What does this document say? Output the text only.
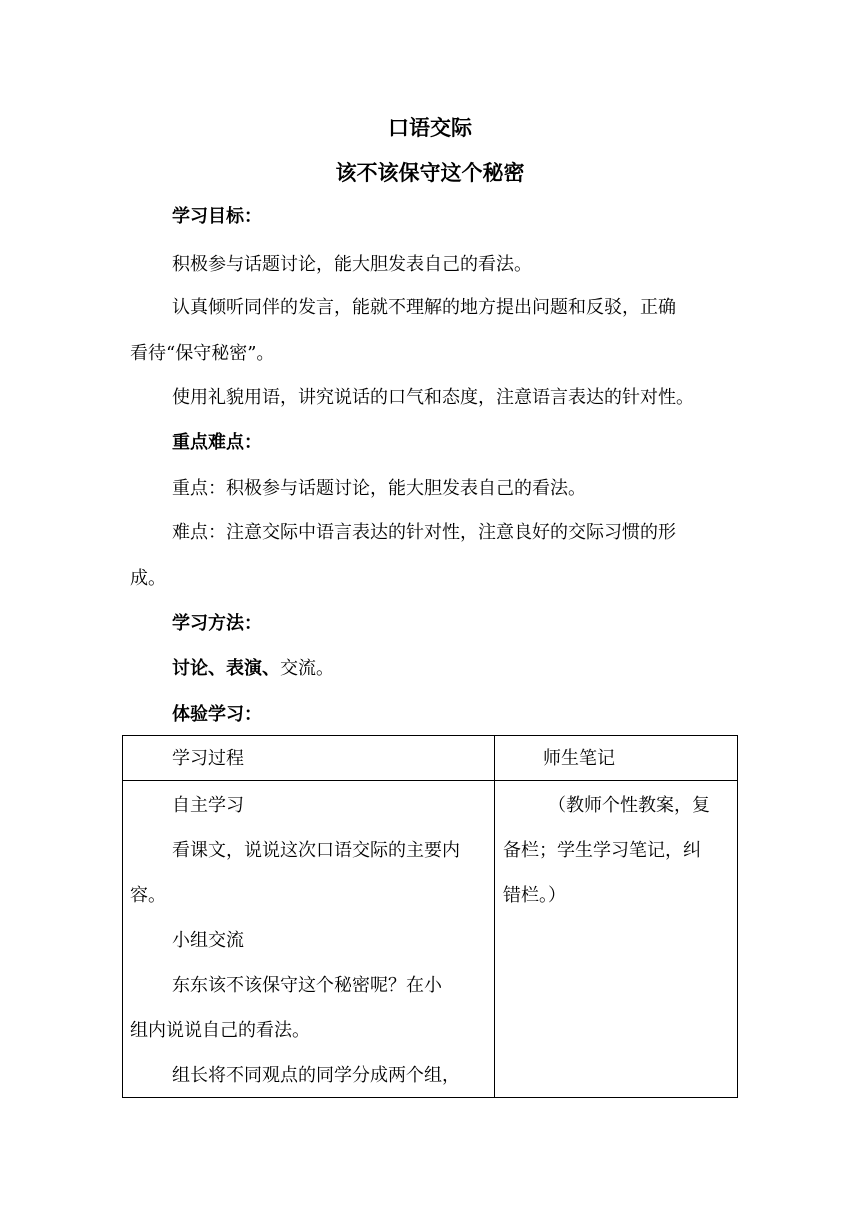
口语交际
该不该保守这个秘密
学习目标：
积极参与话题讨论，能大胆发表自己的看法。
认真倾听同伴的发言，能就不理解的地方提出问题和反驳，正确
看待“保守秘密”。
使用礼貌用语，讲究说话的口气和态度，注意语言表达的针对性。
重点难点：
重点：积极参与话题讨论，能大胆发表自己的看法。
难点：注意交际中语言表达的针对性，注意良好的交际习惯的形
成。
学习方法：
讨论、表演、交流。
体验学习：
学习过程	师生笔记
自主学习
看课文，说说这次口语交际的主要内
容。
小组交流
东东该不该保守这个秘密呢？在小
组内说说自己的看法。
组长将不同观点的同学分成两个组，
（教师个性教案，复
备栏；学生学习笔记，纠
错栏。）
